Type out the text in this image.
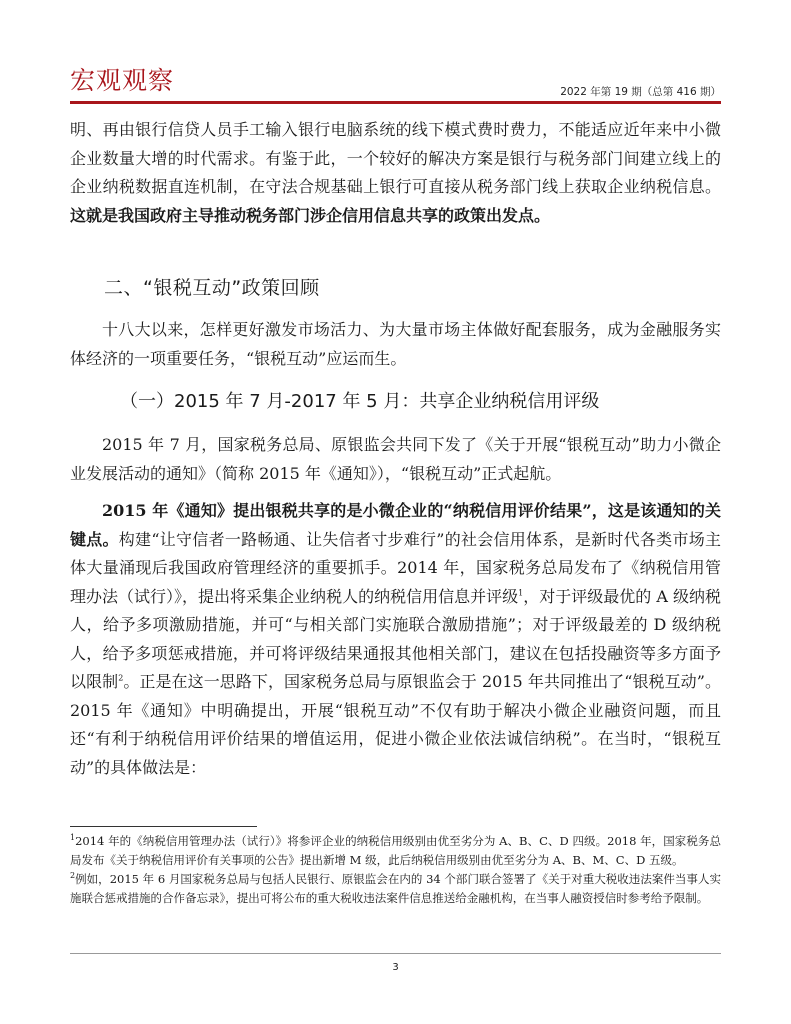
宏观观察	2022 年第 19 期（总第 416 期）

明、再由银行信贷人员手工输入银行电脑系统的线下模式费时费力，不能适应近年来中小微企业数量大增的时代需求。有鉴于此，一个较好的解决方案是银行与税务部门间建立线上的企业纳税数据直连机制，在守法合规基础上银行可直接从税务部门线上获取企业纳税信息。这就是我国政府主导推动税务部门涉企信用信息共享的政策出发点。

二、“银税互动”政策回顾

十八大以来，怎样更好激发市场活力、为大量市场主体做好配套服务，成为金融服务实体经济的一项重要任务，“银税互动”应运而生。

（一）2015 年 7 月-2017 年 5 月：共享企业纳税信用评级

2015 年 7 月，国家税务总局、原银监会共同下发了《关于开展“银税互动”助力小微企业发展活动的通知》（简称 2015 年《通知》），“银税互动”正式起航。

2015 年《通知》提出银税共享的是小微企业的“纳税信用评价结果”，这是该通知的关键点。构建“让守信者一路畅通、让失信者寸步难行”的社会信用体系，是新时代各类市场主体大量涌现后我国政府管理经济的重要抓手。2014 年，国家税务总局发布了《纳税信用管理办法（试行）》，提出将采集企业纳税人的纳税信用信息并评级$^1$，对于评级最优的 A 级纳税人，给予多项激励措施，并可“与相关部门实施联合激励措施”；对于评级最差的 D 级纳税人，给予多项惩戒措施，并可将评级结果通报其他相关部门，建议在包括投融资等多方面予以限制$^2$。正是在这一思路下，国家税务总局与原银监会于 2015 年共同推出了“银税互动”。2015 年《通知》中明确提出，开展“银税互动”不仅有助于解决小微企业融资问题，而且还“有利于纳税信用评价结果的增值运用，促进小微企业依法诚信纳税”。在当时，“银税互动”的具体做法是：

$^1$2014 年的《纳税信用管理办法（试行）》将参评企业的纳税信用级别由优至劣分为 A、B、C、D 四级。2018 年，国家税务总局发布《关于纳税信用评价有关事项的公告》提出新增 M 级，此后纳税信用级别由优至劣分为 A、B、M、C、D 五级。

$^2$例如，2015 年 6 月国家税务总局与包括人民银行、原银监会在内的 34 个部门联合签署了《关于对重大税收违法案件当事人实施联合惩戒措施的合作备忘录》，提出可将公布的重大税收违法案件信息推送给金融机构，在当事人融资授信时参考给予限制。

3
